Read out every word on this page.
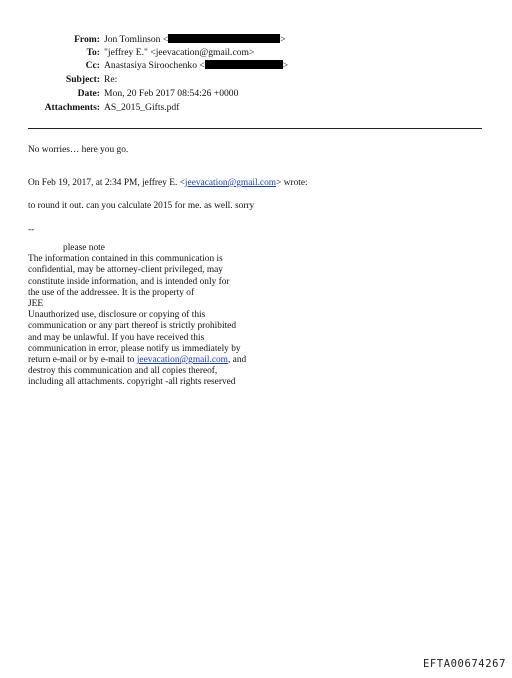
From: Jon Tomlinson <	>
To: "jeffrey E." <jeevacation@gmail.com>
Cc: Anastasiya Siroochenko <	>
Subject: Re:
Date: Mon, 20 Feb 2017 08:54:26 +0000
Attachments: AS_2015_Gifts.pdf
No worries… here you go.
On Feb 19, 2017, at 2:34 PM, jeffrey E. <jeevacation@gmail.com> wrote:
to round it out. can you calculate 2015 for me. as well. sorry
--
please note
The information contained in this communication is
confidential, may be attorney-client privileged, may
constitute inside information, and is intended only for
the use of the addressee. It is the property of
JEE
Unauthorized use, disclosure or copying of this
communication or any part thereof is strictly prohibited
and may be unlawful. If you have received this
communication in error, please notify us immediately by
return e-mail or by e-mail to jeevacation@gmail.com, and
destroy this communication and all copies thereof,
including all attachments. copyright -all rights reserved
EFTA00674267
